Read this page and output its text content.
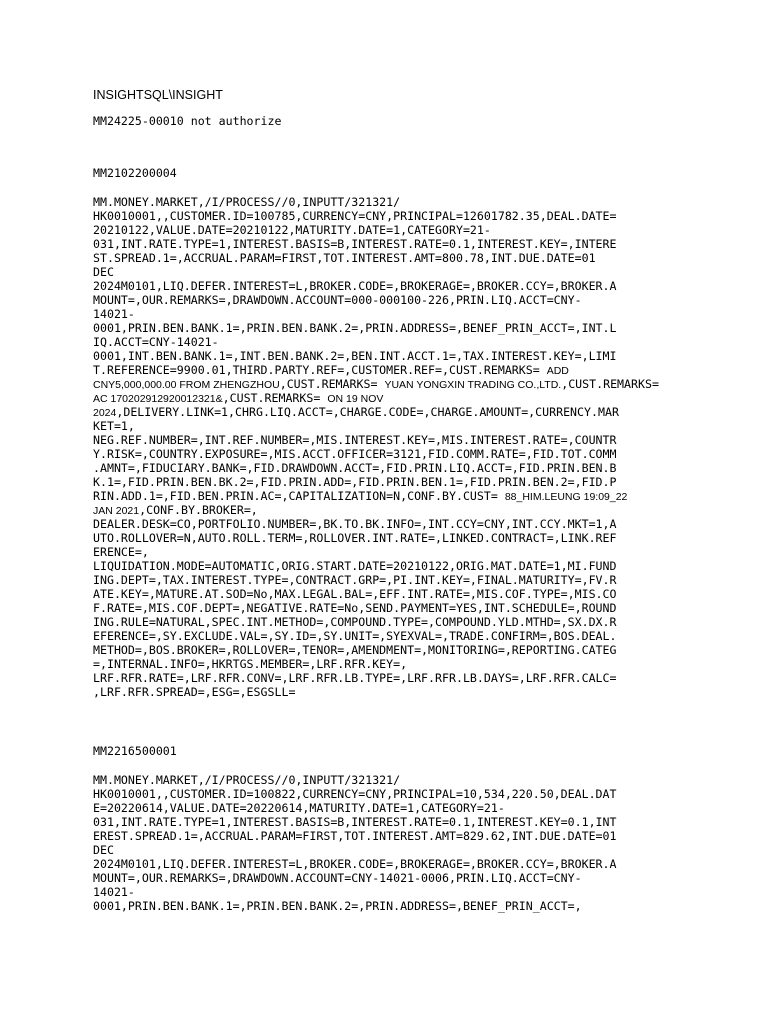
INSIGHTSQL\INSIGHT
MM24225-00010 not authorize
MM2102200004
MM.MONEY.MARKET,/I/PROCESS//0,INPUTT/321321/
HK0010001,,CUSTOMER.ID=100785,CURRENCY=CNY,PRINCIPAL=12601782.35,DEAL.DATE=
20210122,VALUE.DATE=20210122,MATURITY.DATE=1,CATEGORY=21-
031,INT.RATE.TYPE=1,INTEREST.BASIS=B,INTEREST.RATE=0.1,INTEREST.KEY=,INTERE
ST.SPREAD.1=,ACCRUAL.PARAM=FIRST,TOT.INTEREST.AMT=800.78,INT.DUE.DATE=01
DEC
2024M0101,LIQ.DEFER.INTEREST=L,BROKER.CODE=,BROKERAGE=,BROKER.CCY=,BROKER.A
MOUNT=,OUR.REMARKS=,DRAWDOWN.ACCOUNT=000-000100-226,PRIN.LIQ.ACCT=CNY-
14021-
0001,PRIN.BEN.BANK.1=,PRIN.BEN.BANK.2=,PRIN.ADDRESS=,BENEF_PRIN_ACCT=,INT.L
IQ.ACCT=CNY-14021-
0001,INT.BEN.BANK.1=,INT.BEN.BANK.2=,BEN.INT.ACCT.1=,TAX.INTEREST.KEY=,LIMI
T.REFERENCE=9900.01,THIRD.PARTY.REF=,CUSTOMER.REF=,CUST.REMARKS= ADD
CNY5,000,000.00 FROM ZHENGZHOU,CUST.REMARKS= YUAN YONGXIN TRADING CO.,LTD.,CUST.REMARKS=
AC 170202912920012321&,CUST.REMARKS= ON 19 NOV
2024,DELIVERY.LINK=1,CHRG.LIQ.ACCT=,CHARGE.CODE=,CHARGE.AMOUNT=,CURRENCY.MAR
KET=1,
NEG.REF.NUMBER=,INT.REF.NUMBER=,MIS.INTEREST.KEY=,MIS.INTEREST.RATE=,COUNTR
Y.RISK=,COUNTRY.EXPOSURE=,MIS.ACCT.OFFICER=3121,FID.COMM.RATE=,FID.TOT.COMM
.AMNT=,FIDUCIARY.BANK=,FID.DRAWDOWN.ACCT=,FID.PRIN.LIQ.ACCT=,FID.PRIN.BEN.B
K.1=,FID.PRIN.BEN.BK.2=,FID.PRIN.ADD=,FID.PRIN.BEN.1=,FID.PRIN.BEN.2=,FID.P
RIN.ADD.1=,FID.BEN.PRIN.AC=,CAPITALIZATION=N,CONF.BY.CUST= 88_HIM.LEUNG 19:09_22
JAN 2021,CONF.BY.BROKER=,
DEALER.DESK=CO,PORTFOLIO.NUMBER=,BK.TO.BK.INFO=,INT.CCY=CNY,INT.CCY.MKT=1,A
UTO.ROLLOVER=N,AUTO.ROLL.TERM=,ROLLOVER.INT.RATE=,LINKED.CONTRACT=,LINK.REF
ERENCE=,
LIQUIDATION.MODE=AUTOMATIC,ORIG.START.DATE=20210122,ORIG.MAT.DATE=1,MI.FUND
ING.DEPT=,TAX.INTEREST.TYPE=,CONTRACT.GRP=,PI.INT.KEY=,FINAL.MATURITY=,FV.R
ATE.KEY=,MATURE.AT.SOD=No,MAX.LEGAL.BAL=,EFF.INT.RATE=,MIS.COF.TYPE=,MIS.CO
F.RATE=,MIS.COF.DEPT=,NEGATIVE.RATE=No,SEND.PAYMENT=YES,INT.SCHEDULE=,ROUND
ING.RULE=NATURAL,SPEC.INT.METHOD=,COMPOUND.TYPE=,COMPOUND.YLD.MTHD=,SX.DX.R
EFERENCE=,SY.EXCLUDE.VAL=,SY.ID=,SY.UNIT=,SYEXVAL=,TRADE.CONFIRM=,BOS.DEAL.
METHOD=,BOS.BROKER=,ROLLOVER=,TENOR=,AMENDMENT=,MONITORING=,REPORTING.CATEG
=,INTERNAL.INFO=,HKRTGS.MEMBER=,LRF.RFR.KEY=,
LRF.RFR.RATE=,LRF.RFR.CONV=,LRF.RFR.LB.TYPE=,LRF.RFR.LB.DAYS=,LRF.RFR.CALC=
,LRF.RFR.SPREAD=,ESG=,ESGSLL=
MM2216500001
MM.MONEY.MARKET,/I/PROCESS//0,INPUTT/321321/
HK0010001,,CUSTOMER.ID=100822,CURRENCY=CNY,PRINCIPAL=10,534,220.50,DEAL.DAT
E=20220614,VALUE.DATE=20220614,MATURITY.DATE=1,CATEGORY=21-
031,INT.RATE.TYPE=1,INTEREST.BASIS=B,INTEREST.RATE=0.1,INTEREST.KEY=0.1,INT
EREST.SPREAD.1=,ACCRUAL.PARAM=FIRST,TOT.INTEREST.AMT=829.62,INT.DUE.DATE=01
DEC
2024M0101,LIQ.DEFER.INTEREST=L,BROKER.CODE=,BROKERAGE=,BROKER.CCY=,BROKER.A
MOUNT=,OUR.REMARKS=,DRAWDOWN.ACCOUNT=CNY-14021-0006,PRIN.LIQ.ACCT=CNY-
14021-
0001,PRIN.BEN.BANK.1=,PRIN.BEN.BANK.2=,PRIN.ADDRESS=,BENEF_PRIN_ACCT=,
